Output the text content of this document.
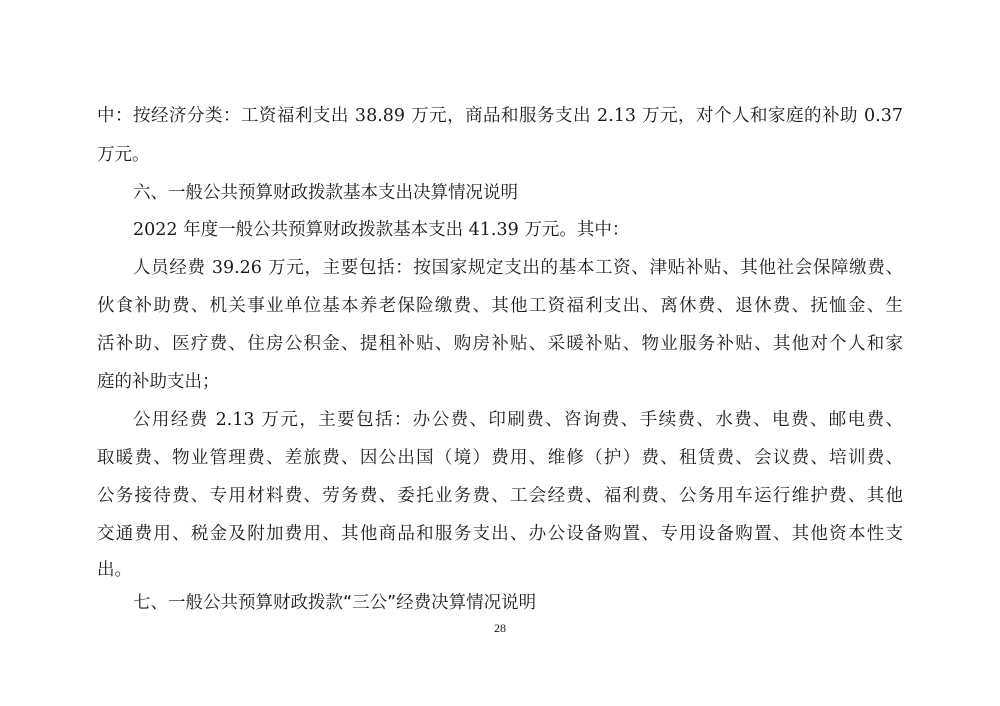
中：按经济分类：工资福利支出 38.89 万元，商品和服务支出 2.13 万元，对个人和家庭的补助 0.37
万元。
六、一般公共预算财政拨款基本支出决算情况说明
2022 年度一般公共预算财政拨款基本支出 41.39 万元。其中：
人员经费 39.26 万元，主要包括：按国家规定支出的基本工资、津贴补贴、其他社会保障缴费、
伙食补助费、机关事业单位基本养老保险缴费、其他工资福利支出、离休费、退休费、抚恤金、生
活补助、医疗费、住房公积金、提租补贴、购房补贴、采暖补贴、物业服务补贴、其他对个人和家
庭的补助支出；
公用经费 2.13 万元，主要包括：办公费、印刷费、咨询费、手续费、水费、电费、邮电费、
取暖费、物业管理费、差旅费、因公出国（境）费用、维修（护）费、租赁费、会议费、培训费、
公务接待费、专用材料费、劳务费、委托业务费、工会经费、福利费、公务用车运行维护费、其他
交通费用、税金及附加费用、其他商品和服务支出、办公设备购置、专用设备购置、其他资本性支
出。
七、一般公共预算财政拨款“三公”经费决算情况说明
28
